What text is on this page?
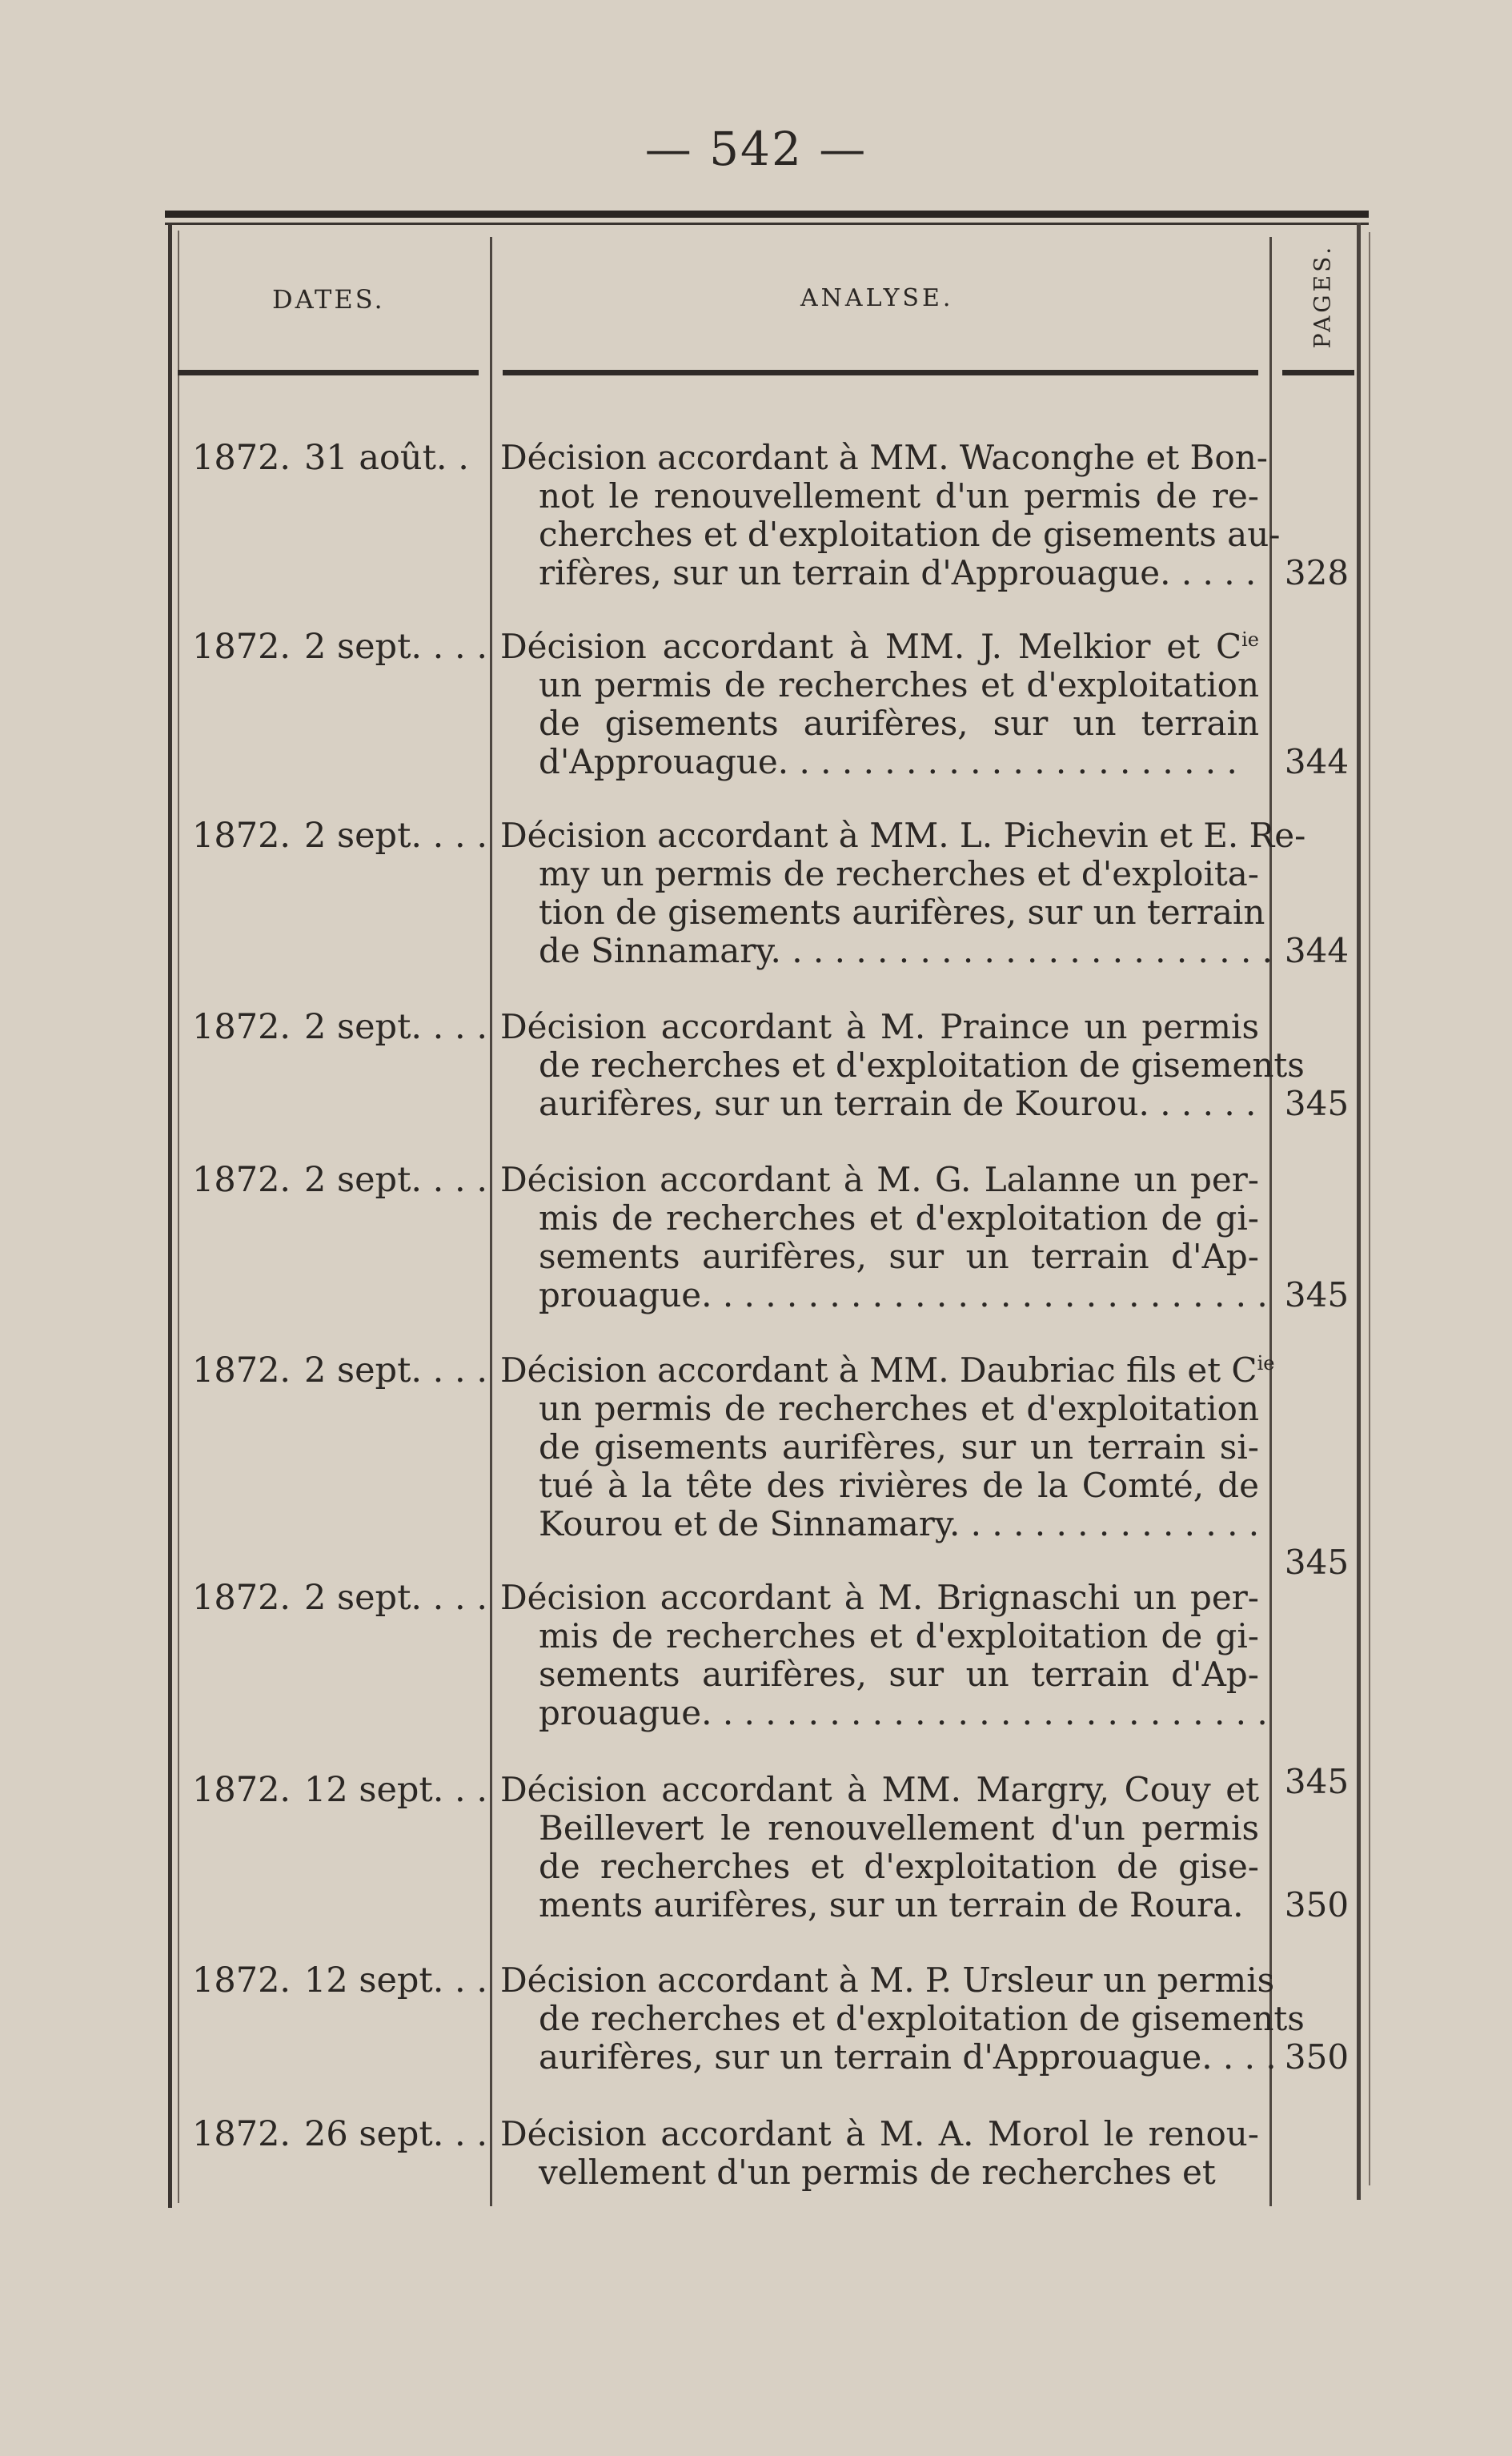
— 542 —
DATES.	ANALYSE.	PAGES.
1872. 31 août. . Décision accordant à MM. Waconghe et Bon-
not le renouvellement d'un permis de re-
cherches et d'exploitation de gisements au-
rifères, sur un terrain d'Approuague. . . . . 328
1872. 2 sept. . . . Décision accordant à MM. J. Melkior et $C^{ie}$
un permis de recherches et d'exploitation
de gisements aurifères, sur un terrain
d'Approuague. . . . . . . . . . . . . . . . . . . . . .	344
1872. 2 sept. . . . Décision accordant à MM. L. Pichevin et E. Re-
my un permis de recherches et d'exploita-
tion de gisements aurifères, sur un terrain
de Sinnamary. . . . . . . . . . . . . . . . . . . . . . . . 344
1872. 2 sept. . . . Décision accordant à M. Praince un permis
de recherches et d'exploitation de gisements
aurifères, sur un terrain de Kourou. . . . . . 345
1872. 2 sept. . . . Décision accordant à M. G. Lalanne un per-
mis de recherches et d'exploitation de gi-
sements aurifères, sur un terrain d'Ap-
prouague. . . . . . . . . . . . . . . . . . . . . . . . . . . 345
1872. 2 sept. . . . Décision accordant à MM. Daubriac fils et $C^{ie}$
un permis de recherches et d'exploitation
de gisements aurifères, sur un terrain si-
tué à la tête des rivières de la Comté, de
Kourou et de Sinnamary. . . . . . . . . . . . . . .
345
1872. 2 sept. . . . Décision accordant à M. Brignaschi un per-
mis de recherches et d'exploitation de gi-
sements aurifères, sur un terrain d'Ap-
prouague. . . . . . . . . . . . . . . . . . . . . . . . . . .
345
1872. 12 sept. . . Décision accordant à MM. Margry, Couy et
Beillevert le renouvellement d'un permis
de recherches et d'exploitation de gise-
ments aurifères, sur un terrain de Roura.	350
1872. 12 sept. . . Décision accordant à M. P. Ursleur un permis
de recherches et d'exploitation de gisements
aurifères, sur un terrain d'Approuague. . . . 350
1872. 26 sept. . . Décision accordant à M. A. Morol le renou-
vellement d'un permis de recherches et
